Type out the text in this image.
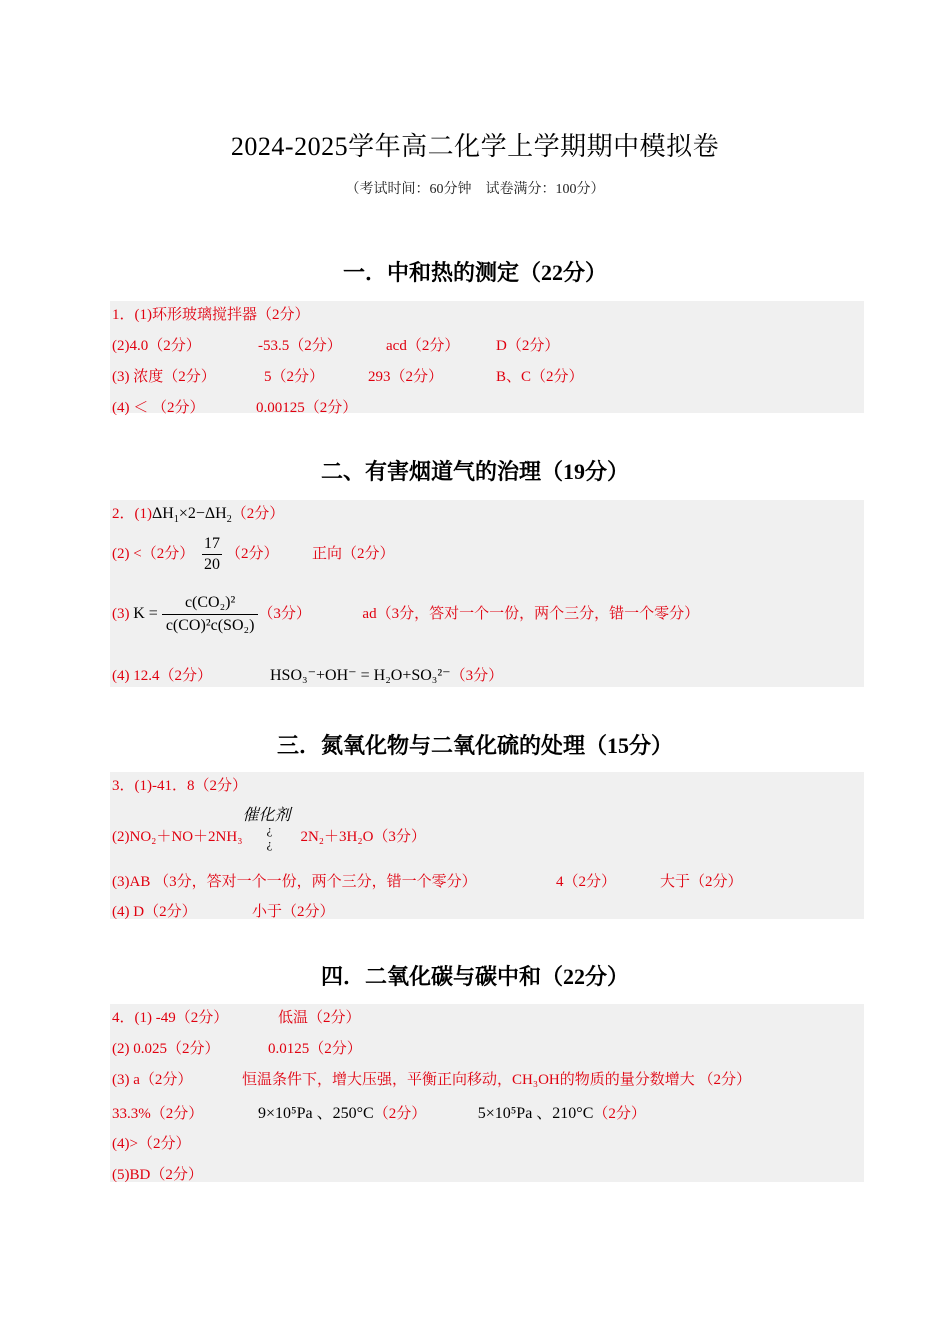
2024-2025学年高二化学上学期期中模拟卷
（考试时间：60分钟　试卷满分：100分）
一．中和热的测定（22分）
1．(1)环形玻璃搅拌器（2分）
(2)4.0（2分）	-53.5（2分）	acd（2分） D（2分）
(3) 浓度（2分）	5（2分）	293（2分）	B、C（2分）
(4) ＜ （2分）	0.00125（2分）
二、有害烟道气的治理（19分）
2．$(1)\Delta H_1\times 2-\Delta H_2(2$分）
(2) <（2分） $\frac{17}{20} (2$分） 正向（2分）
(3) $K = \frac{\text{c(CO₂)²}}{\text{c(CO)²c(SO₂)}} (3$分）	ad（3分，答对一个一份，两个三分，错一个零分）
(4) 12.4（2分）	HSO₃⁻+OH⁻ = H₂O+SO₃²⁻（3分）
三．氮氧化物与二氧化硫的处理（15分）
3．(1)-41．8（2分）
(2)NO₂＋NO＋2NH₃
催化剂
¿
¿ 2N₂＋3H₂O（3分）
(3)AB （3分，答对一个一份，两个三分，错一个零分）	4（2分）	大于（2分）
(4) D（2分）	小于（2分）
四．二氧化碳与碳中和（22分）
4．(1) -49（2分）	低温（2分）
(2) 0.025（2分）	0.0125（2分）
(3) a（2分）	恒温条件下，增大压强，平衡正向移动，CH₃OH的物质的量分数增大 （2分）
33.3%（2分）	9×10⁵Pa 、250°C（2分）	5×10⁵Pa 、210°C（2分）
(4)>（2分）
(5)BD（2分）
